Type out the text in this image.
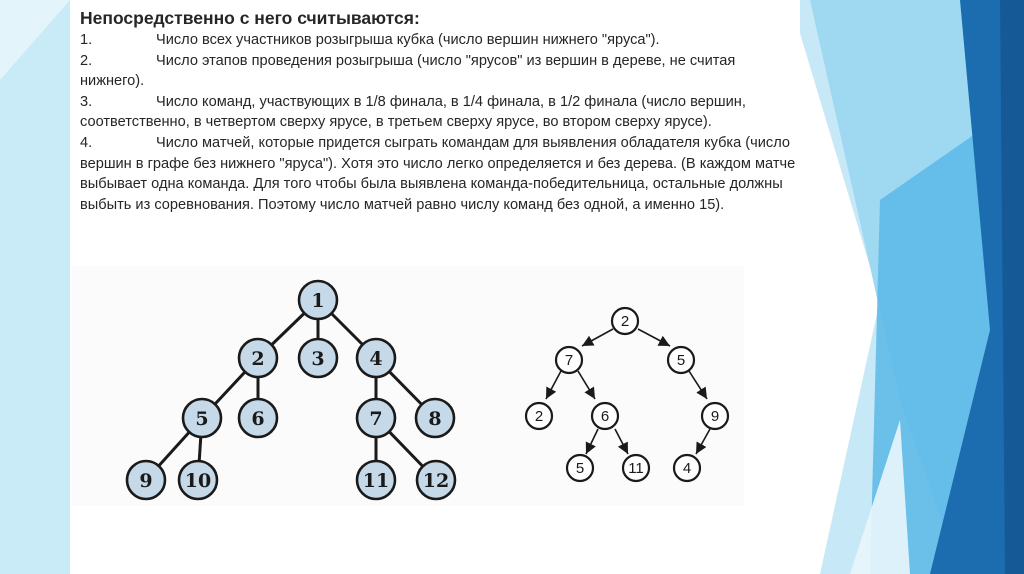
Непосредственно с него считываются:

1.	Число всех участников розыгрыша кубка (число вершин нижнего "яруса").

2.	Число этапов проведения розыгрыша (число "ярусов" из вершин в дереве, не считая нижнего).

3.	Число команд, участвующих в 1/8 финала, в 1/4 финала, в 1/2 финала (число вершин, соответственно, в четвертом сверху ярусе, в третьем сверху ярусе, во втором сверху ярусе).

4.	Число матчей, которые придется сыграть командам для выявления обладателя кубка (число вершин в графе без нижнего "яруса"). Хотя это число легко определяется и без дерева. (В каждом матче выбывает одна команда. Для того чтобы была выявлена команда-победительница, остальные должны выбыть из соревнования. Поэтому число матчей равно числу команд без одной, а именно 15).

1
2 3 4
5 6	7 8
9 10	11 12
2
7	5
2	6	9
5	11	4
